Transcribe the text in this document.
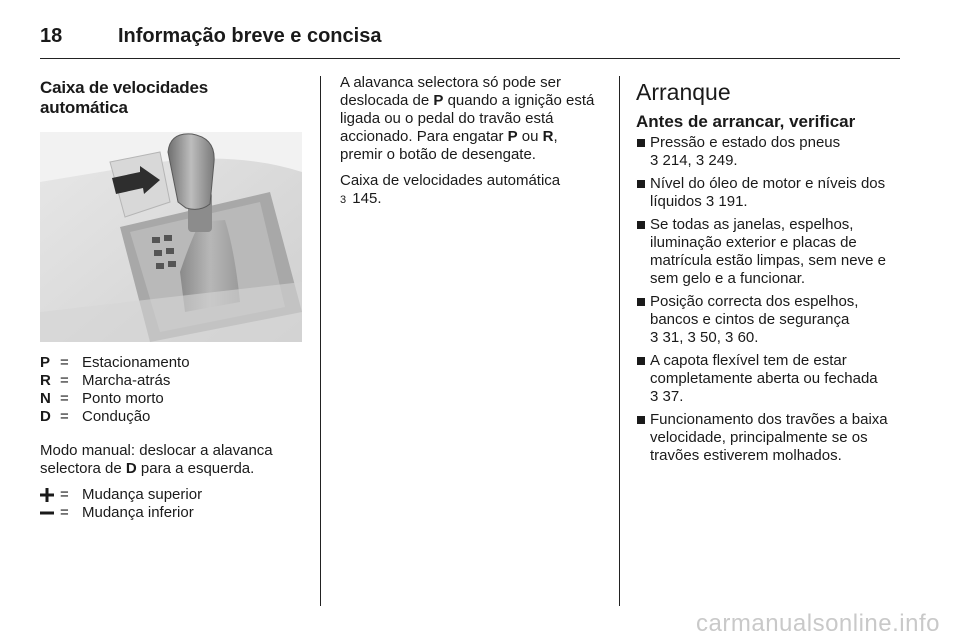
18	Informação breve e concisa
Caixa de velocidades
automática
P = Estacionamento
R = Marcha-atrás
N = Ponto morto
D = Condução

Modo manual: deslocar a alavanca selectora de D para a esquerda.

= Mudança superior
= Mudança inferior

A alavanca selectora só pode ser deslocada de P quando a ignição está ligada ou o pedal do travão está accionado. Para engatar P ou R, premir o botão de desengate.

Caixa de velocidades automática
3 145.

Arranque
Antes de arrancar, verificar
Pressão e estado dos pneus
3 214, 3 249.
Nível do óleo de motor e níveis dos líquidos 3 191.
Se todas as janelas, espelhos, iluminação exterior e placas de matrícula estão limpas, sem neve e sem gelo e a funcionar.
Posição correcta dos espelhos, bancos e cintos de segurança
3 31, 3 50, 3 60.
A capota flexível tem de estar completamente aberta ou fechada
3 37.
Funcionamento dos travões a baixa velocidade, principalmente se os travões estiverem molhados.
carmanualsonline.info
